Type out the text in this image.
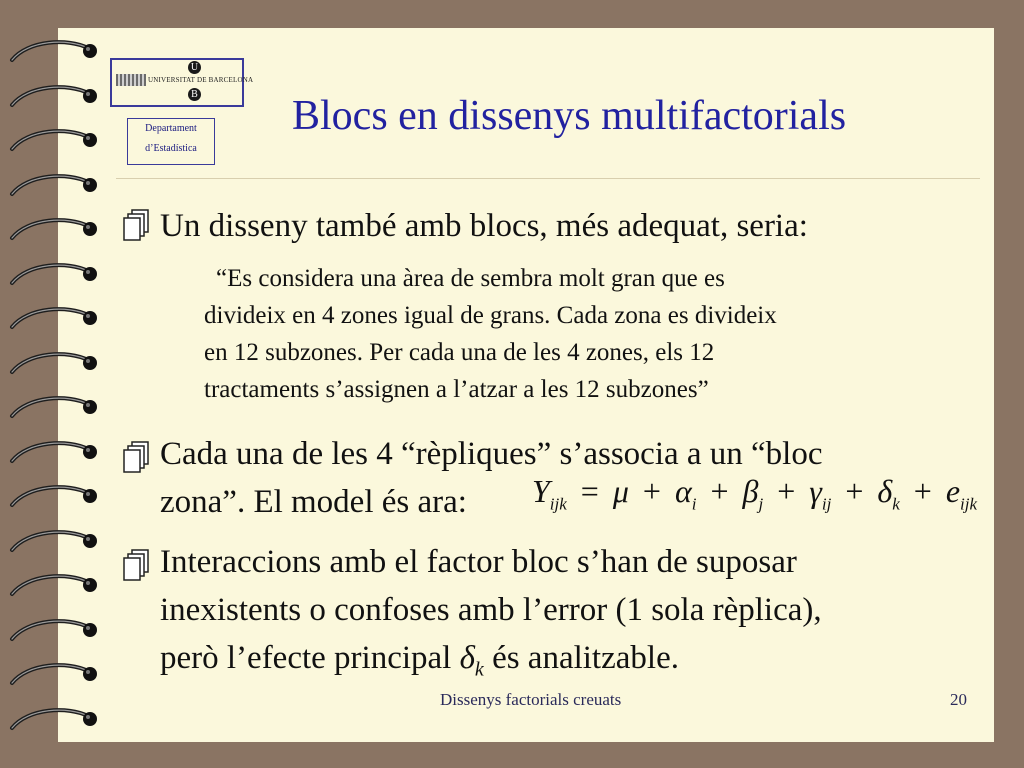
U
UNIVERSITAT DE BARCELONA
B
Departament
d’Estadística
Blocs en dissenys multifactorials
Un disseny també amb blocs, més adequat, seria:
“Es considera una àrea de sembra molt gran que es
divideix en 4 zones igual de grans. Cada zona es divideix
en 12 subzones. Per cada una de les 4 zones, els 12
tractaments s’assignen a l’atzar a les 12 subzones”
Cada una de les 4 “rèpliques” s’associa a un “bloc
zona”. El model és ara:	$Y_{ijk} = \mu + \alpha_i + \beta_j + \gamma_{ij} + \delta_k + e_{ijk}$
Interaccions amb el factor bloc s’han de suposar
inexistents o confoses amb l’error (1 sola rèplica),
però l’efecte principal $\delta_k$ és analitzable.
Dissenys factorials creuats	20
